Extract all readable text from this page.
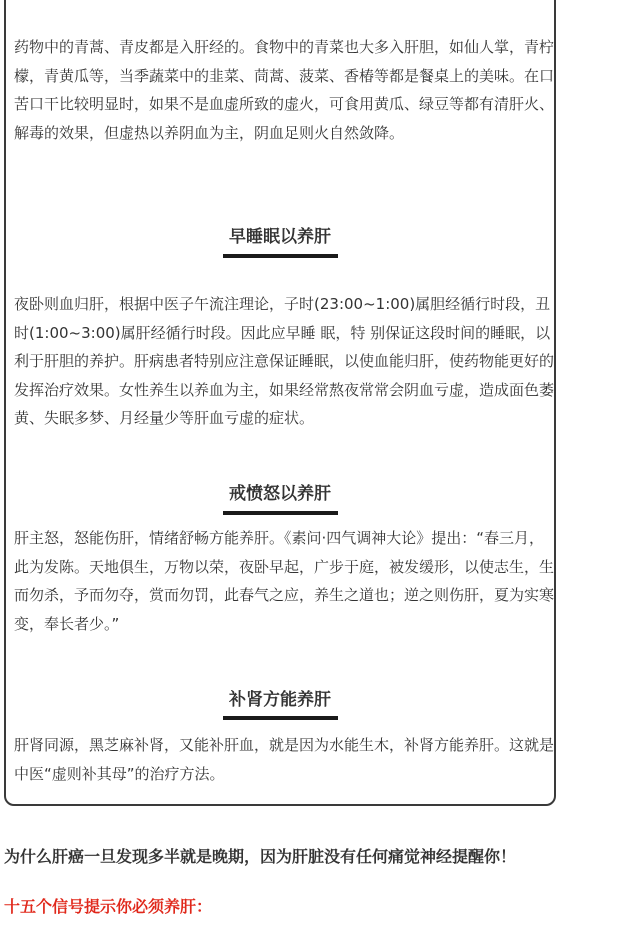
药物中的青蒿、青皮都是入肝经的。食物中的青菜也大多入肝胆，如仙人掌，青柠檬，青黄瓜等，当季蔬菜中的韭菜、茼蒿、菠菜、香椿等都是餐桌上的美味。在口苦口干比较明显时，如果不是血虚所致的虚火，可食用黄瓜、绿豆等都有清肝火、解毒的效果，但虚热以养阴血为主，阴血足则火自然敛降。

早睡眠以养肝

夜卧则血归肝，根据中医子午流注理论，子时(23:00~1:00)属胆经循行时段，丑时(1:00~3:00)属肝经循行时段。因此应早睡 眠，特 别保证这段时间的睡眠，以利于肝胆的养护。肝病患者特别应注意保证睡眠，以使血能归肝，使药物能更好的发挥治疗效果。女性养生以养血为主，如果经常熬夜常常会阴血亏虚，造成面色萎黄、失眠多梦、月经量少等肝血亏虚的症状。

戒愤怒以养肝

肝主怒，怒能伤肝，情绪舒畅方能养肝。《素问·四气调神大论》提出：“春三月，此为发陈。天地俱生，万物以荣，夜卧早起，广步于庭，被发缓形，以使志生，生而勿杀，予而勿夺，赏而勿罚，此春气之应，养生之道也；逆之则伤肝，夏为实寒变，奉长者少。”

补肾方能养肝

肝肾同源，黑芝麻补肾，又能补肝血，就是因为水能生木，补肾方能养肝。这就是中医“虚则补其母”的治疗方法。

为什么肝癌一旦发现多半就是晚期，因为肝脏没有任何痛觉神经提醒你！

十五个信号提示你必须养肝：
